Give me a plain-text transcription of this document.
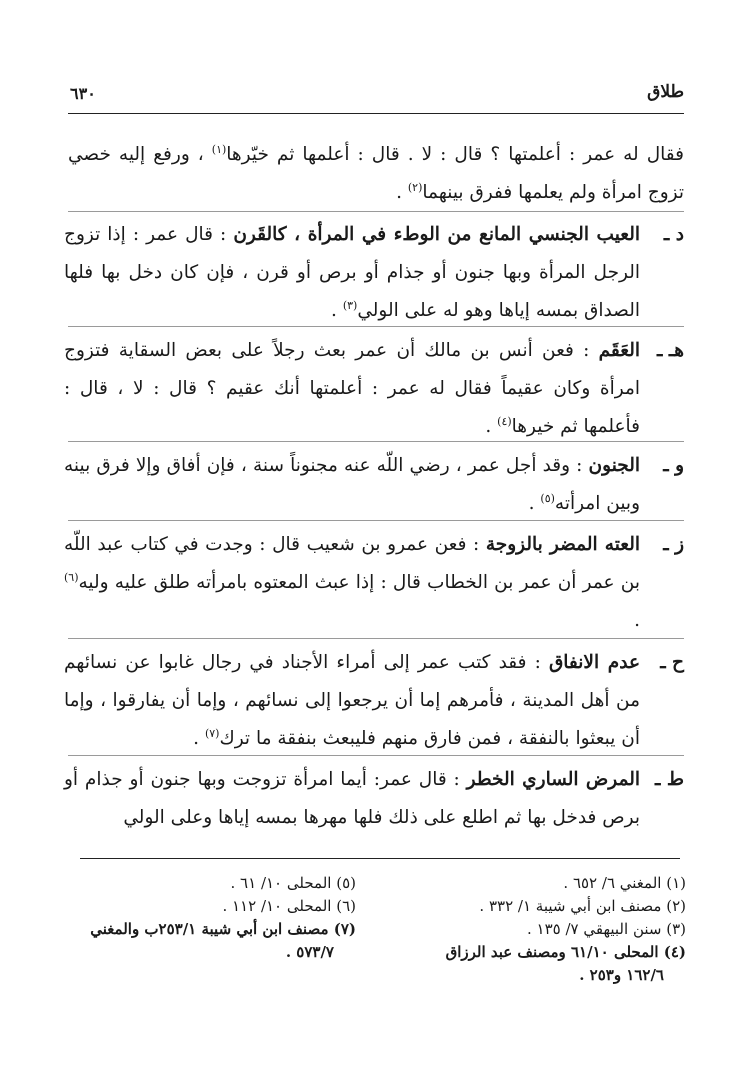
طلاق
٦٣٠
فقال له عمر : أعلمتها ؟ قال : لا . قال : أعلمها ثم خيّرها$^{(١)}$ ، ورفع إليه خصي تزوج امرأة ولم يعلمها ففرق بينهما$^{(٢)}$ .
د ـ
العيب الجنسي المانع من الوطء في المرأة ، كالقَرن : قال عمر : إذا تزوج الرجل المرأة وبها جنون أو جذام أو برص أو قرن ، فإن كان دخل بها فلها الصداق بمسه إياها وهو له على الولي$^{(٣)}$ .
هـ ـ
العَقَم : فعن أنس بن مالك أن عمر بعث رجلاً على بعض السقاية فتزوج امرأة وكان عقيماً فقال له عمر : أعلمتها أنك عقيم ؟ قال : لا ، قال : فأعلمها ثم خيرها$^{(٤)}$ .
و ـ
الجنون : وقد أجل عمر ، رضي اللّه عنه مجنوناً سنة ، فإن أفاق وإلا فرق بينه وبين امرأته$^{(٥)}$ .
ز ـ
العته المضر بالزوجة : فعن عمرو بن شعيب قال : وجدت في كتاب عبد اللّه بن عمر أن عمر بن الخطاب قال : إذا عبث المعتوه بامرأته طلق عليه وليه$^{(٦)}$ .
ح ـ
عدم الانفاق : فقد كتب عمر إلى أمراء الأجناد في رجال غابوا عن نسائهم من أهل المدينة ، فأمرهم إما أن يرجعوا إلى نسائهم ، وإما أن يفارقوا ، وإما أن يبعثوا بالنفقة ، فمن فارق منهم فليبعث بنفقة ما ترك$^{(٧)}$ .
ط ـ
المرض الساري الخطر : قال عمر: أيما امرأة تزوجت وبها جنون أو جذام أو برص فدخل بها ثم اطلع على ذلك فلها مهرها بمسه إياها وعلى الولي
(١) المغني ٦/ ٦٥٢ .
(٢) مصنف ابن أبي شيبة ١/ ٣٣٢ .
(٣) سنن البيهقي ٧/ ١٣٥ .
(٤) المحلى ٦١/١٠ ومصنف عبد الرزاق
١٦٢/٦ و٢٥٣ .
(٥) المحلى ١٠/ ٦١ .
(٦) المحلى ١٠/ ١١٢ .
(٧) مصنف ابن أبي شيبة ٢٥٣/١ب والمغني
٥٧٣/٧ .
